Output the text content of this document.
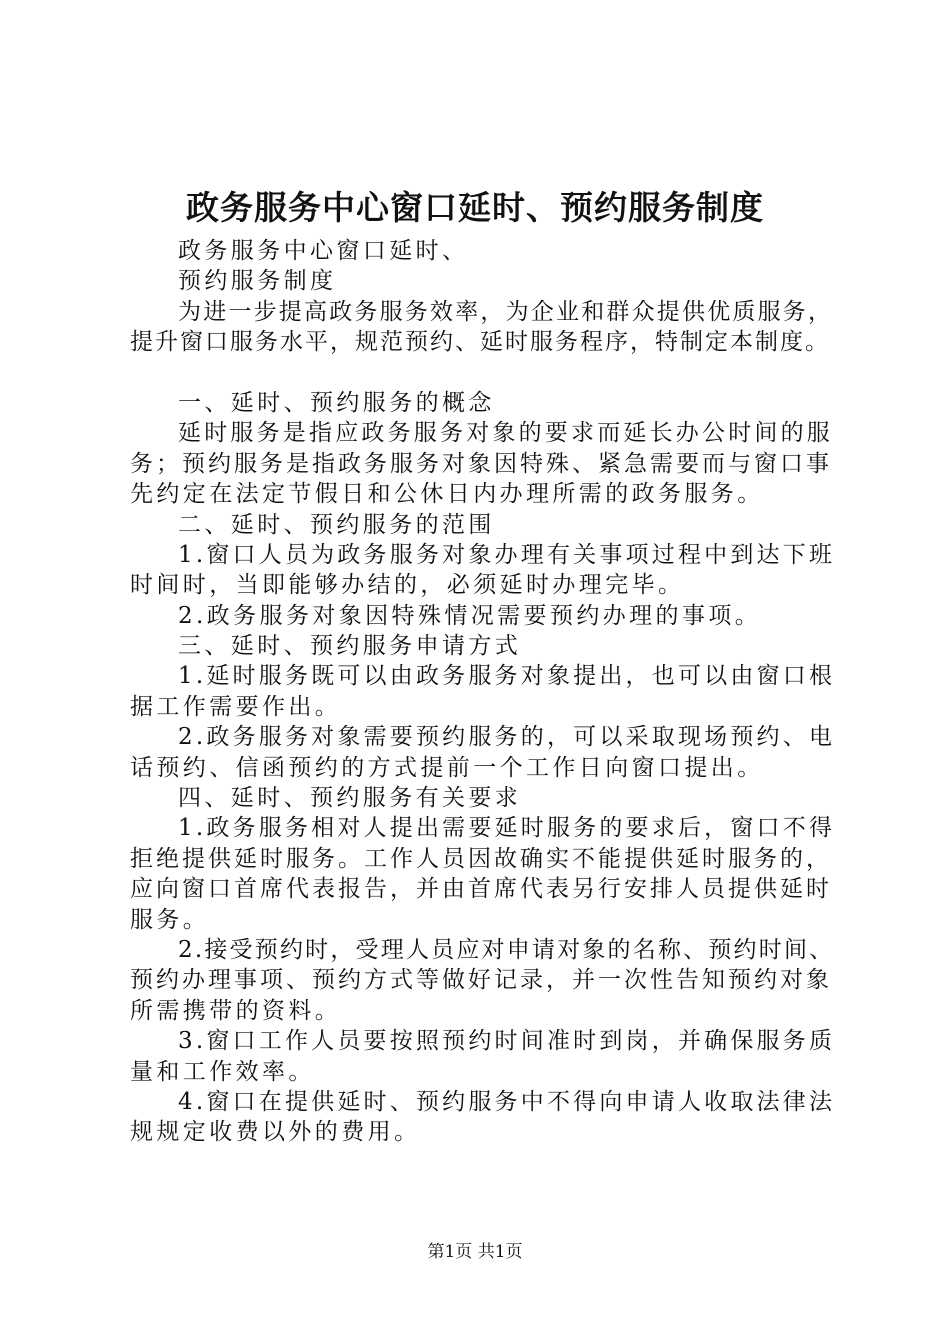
政务服务中心窗口延时、预约服务制度
政务服务中心窗口延时、
预约服务制度
为进一步提高政务服务效率，为企业和群众提供优质服务，
提升窗口服务水平，规范预约、延时服务程序，特制定本制度。
一、延时、预约服务的概念
延时服务是指应政务服务对象的要求而延长办公时间的服
务；预约服务是指政务服务对象因特殊、紧急需要而与窗口事
先约定在法定节假日和公休日内办理所需的政务服务。
二、延时、预约服务的范围
1.窗口人员为政务服务对象办理有关事项过程中到达下班
时间时，当即能够办结的，必须延时办理完毕。
2.政务服务对象因特殊情况需要预约办理的事项。
三、延时、预约服务申请方式
1.延时服务既可以由政务服务对象提出，也可以由窗口根
据工作需要作出。
2.政务服务对象需要预约服务的，可以采取现场预约、电
话预约、信函预约的方式提前一个工作日向窗口提出。
四、延时、预约服务有关要求
1.政务服务相对人提出需要延时服务的要求后，窗口不得
拒绝提供延时服务。工作人员因故确实不能提供延时服务的，
应向窗口首席代表报告，并由首席代表另行安排人员提供延时
服务。
2.接受预约时，受理人员应对申请对象的名称、预约时间、
预约办理事项、预约方式等做好记录，并一次性告知预约对象
所需携带的资料。
3.窗口工作人员要按照预约时间准时到岗，并确保服务质
量和工作效率。
4.窗口在提供延时、预约服务中不得向申请人收取法律法
规规定收费以外的费用。
第1页 共1页
